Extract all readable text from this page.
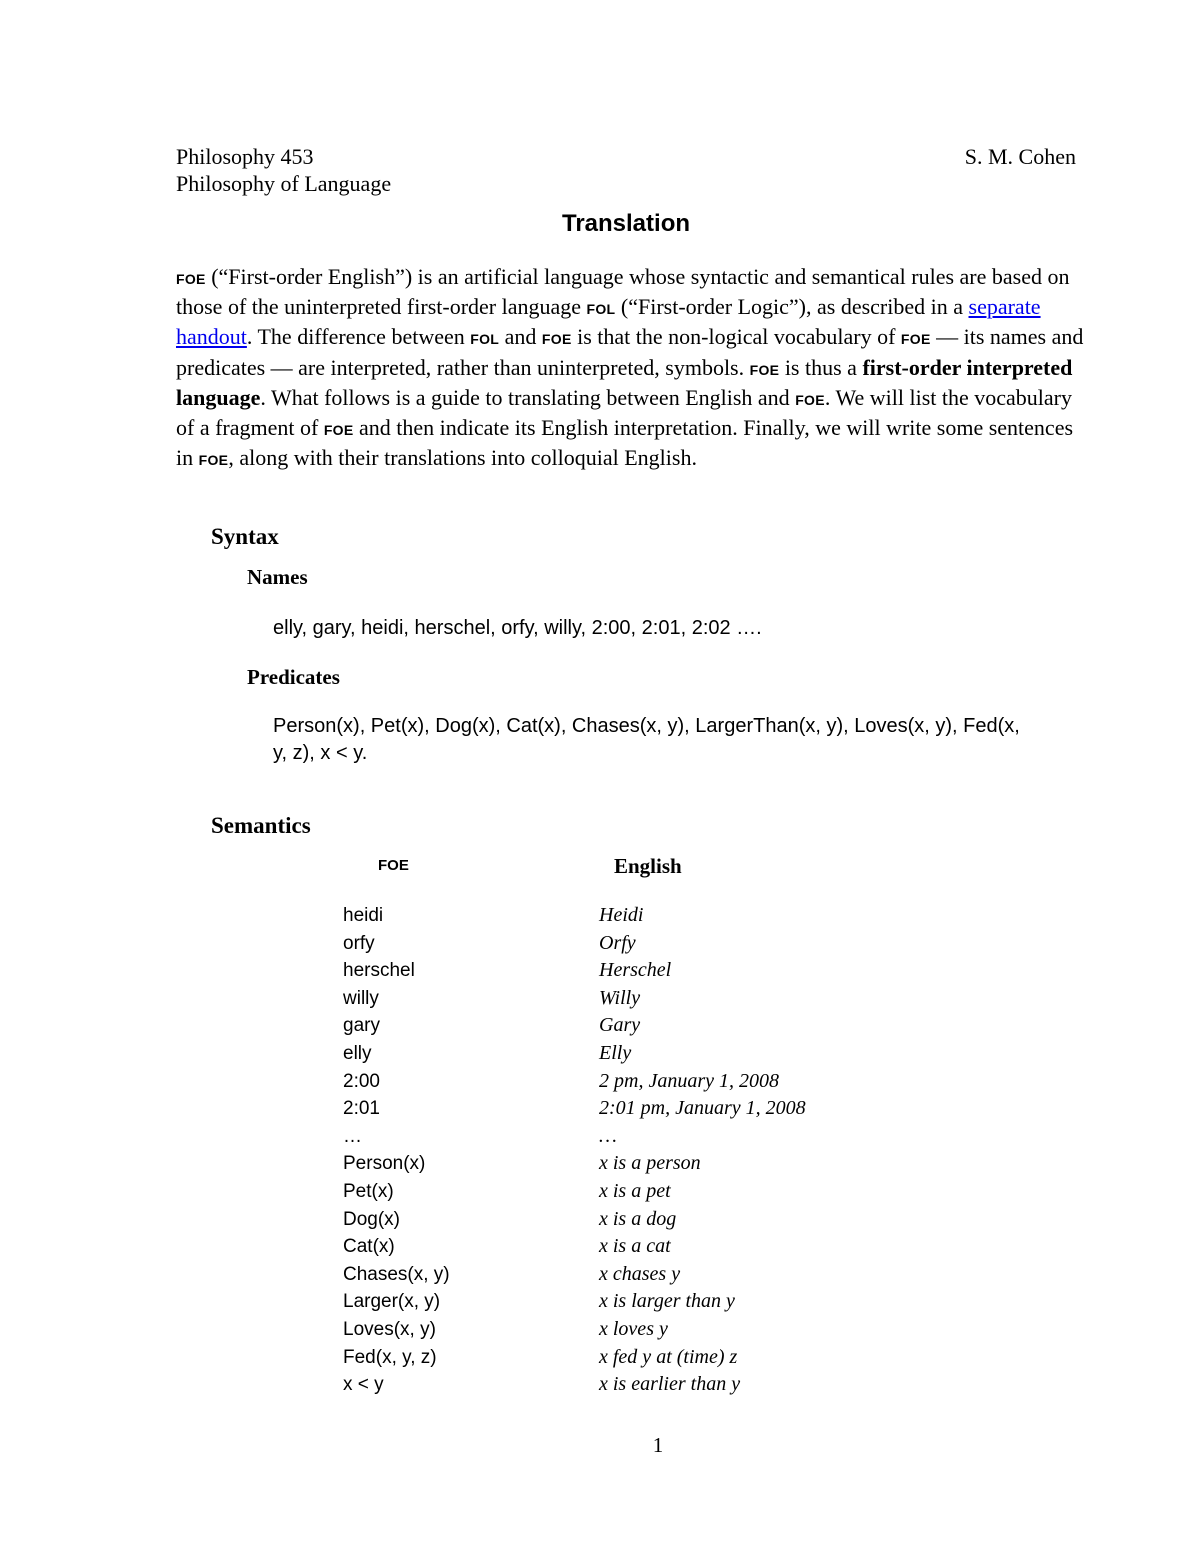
Philosophy 453
Philosophy of Language
S. M. Cohen
Translation
FOE (“First-order English”) is an artificial language whose syntactic and semantical rules are based on those of the uninterpreted first-order language FOL (“First-order Logic”), as described in a separate handout. The difference between FOL and FOE is that the non-logical vocabulary of FOE — its names and predicates — are interpreted, rather than uninterpreted, symbols. FOE is thus a first-order interpreted language. What follows is a guide to translating between English and FOE. We will list the vocabulary of a fragment of FOE and then indicate its English interpretation. Finally, we will write some sentences in FOE, along with their translations into colloquial English.
Syntax
Names
elly, gary, heidi, herschel, orfy, willy, 2:00, 2:01, 2:02 ….
Predicates
Person(x), Pet(x), Dog(x), Cat(x), Chases(x, y), LargerThan(x, y), Loves(x, y), Fed(x, y, z), x < y.
Semantics
FOE	English
heidi	Heidi
orfy	Orfy
herschel	Herschel
willy	Willy
gary	Gary
elly	Elly
2:00	2 pm, January 1, 2008
2:01	2:01 pm, January 1, 2008
…	…
Person(x)	x is a person
Pet(x)	x is a pet
Dog(x)	x is a dog
Cat(x)	x is a cat
Chases(x, y)	x chases y
Larger(x, y)	x is larger than y
Loves(x, y)	x loves y
Fed(x, y, z)	x fed y at (time) z
x < y	x is earlier than y
1
